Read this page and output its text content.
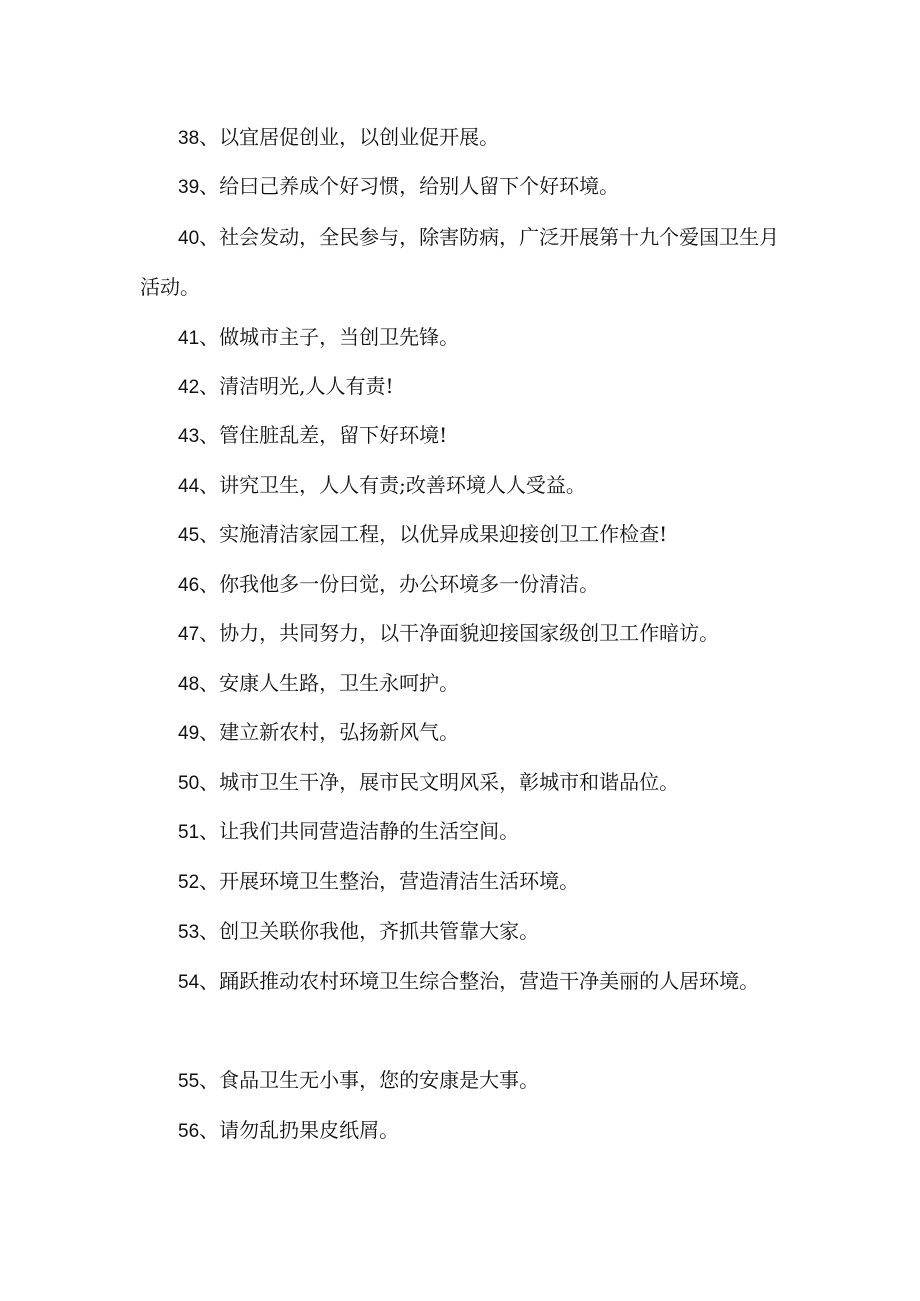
38、以宜居促创业，以创业促开展。

39、给曰己养成个好习惯，给别人留下个好环境。

40、社会发动，全民参与，除害防病，广泛开展第十九个爱国卫生月活动。

41、做城市主子，当创卫先锋。

42、清洁明光,人人有责!

43、管住脏乱差，留下好环境!

44、讲究卫生，人人有责;改善环境人人受益。

45、实施清洁家园工程，以优异成果迎接创卫工作检查!

46、你我他多一份曰觉，办公环境多一份清洁。

47、协力，共同努力，以干净面貌迎接国家级创卫工作暗访。

48、安康人生路，卫生永呵护。

49、建立新农村，弘扬新风气。

50、城市卫生干净，展市民文明风采，彰城市和谐品位。

51、让我们共同营造洁静的生活空间。

52、开展环境卫生整治，营造清洁生活环境。

53、创卫关联你我他，齐抓共管靠大家。

54、踊跃推动农村环境卫生综合整治，营造干净美丽的人居环境。

55、食品卫生无小事，您的安康是大事。

56、请勿乱扔果皮纸屑。
